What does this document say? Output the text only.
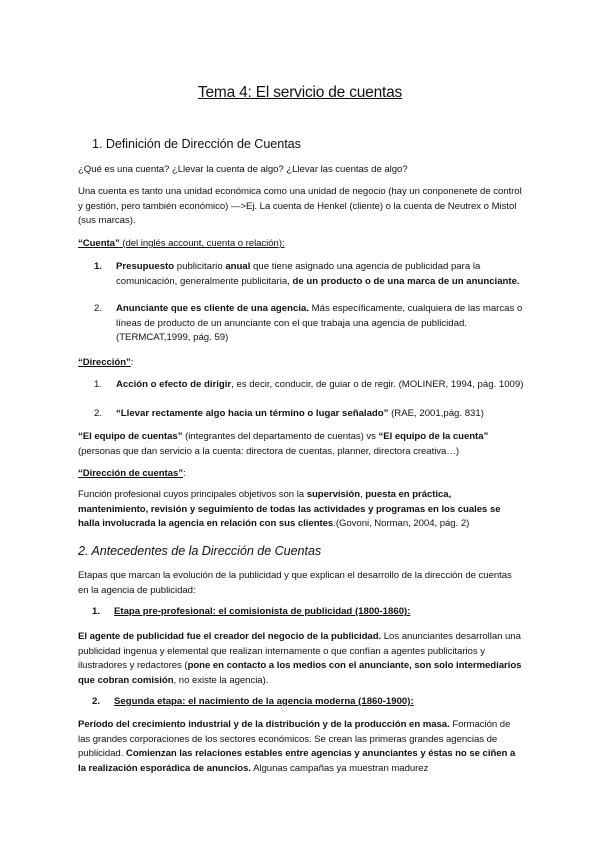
Tema 4: El servicio de cuentas
1. Definición de Dirección de Cuentas
¿Qué es una cuenta? ¿Llevar la cuenta de algo? ¿Llevar las cuentas de algo?
Una cuenta es tanto una unidad económica como una unidad de negocio (hay un conponenete de control y gestión, pero también económico) —>Ej. La cuenta de Henkel (cliente) o la cuenta de Neutrex o Mistol (sus marcas).
“Cuenta” (del inglés account, cuenta o relación):
1. Presupuesto publicitario anual que tiene asignado una agencia de publicidad para la comunicación, generalmente publicitaria, de un producto o de una marca de un anunciante.
2. Anunciante que es cliente de una agencia. Más específicamente, cualquiera de las marcas o líneas de producto de un anunciante con el que trabaja una agencia de publicidad. (TERMCAT,1999, pág. 59)
“Dirección”:
1. Acción o efecto de dirigir, es decir, conducir, de guiar o de regir. (MOLINER, 1994, pág. 1009)
2. “Llevar rectamente algo hacia un término o lugar señalado” (RAE, 2001,pág. 831)
“El equipo de cuentas” (integrantes del departamento de cuentas) vs “El equipo de la cuenta” (personas que dan servicio a la cuenta: directora de cuentas, planner, directora creativa…)
“Dirección de cuentas”:
Función profesional cuyos principales objetivos son la supervisión, puesta en práctica, mantenimiento, revisión y seguimiento de todas las actividades y programas en los cuales se halla involucrada la agencia en relación con sus clientes.(Govoni, Norman, 2004, pág. 2)
2. Antecedentes de la Dirección de Cuentas
Etapas que marcan la evolución de la publicidad y que explican el desarrollo de la dirección de cuentas en la agencia de publicidad:
1. Etapa pre-profesional: el comisionista de publicidad (1800-1860):
El agente de publicidad fue el creador del negocio de la publicidad. Los anunciantes desarrollan una publicidad ingenua y elemental que realizan internamente o que confían a agentes publicitarios y ilustradores y redactores (pone en contacto a los medios con el anunciante, son solo intermediarios que cobran comisión, no existe la agencia).
2. Segunda etapa: el nacimiento de la agencia moderna (1860-1900):
Período del crecimiento industrial y de la distribución y de la producción en masa. Formación de las grandes corporaciones de los sectores económicos. Se crean las primeras grandes agencias de publicidad. Comienzan las relaciones estables entre agencias y anunciantes y éstas no se ciñen a la realización esporádica de anuncios. Algunas campañas ya muestran madurez
